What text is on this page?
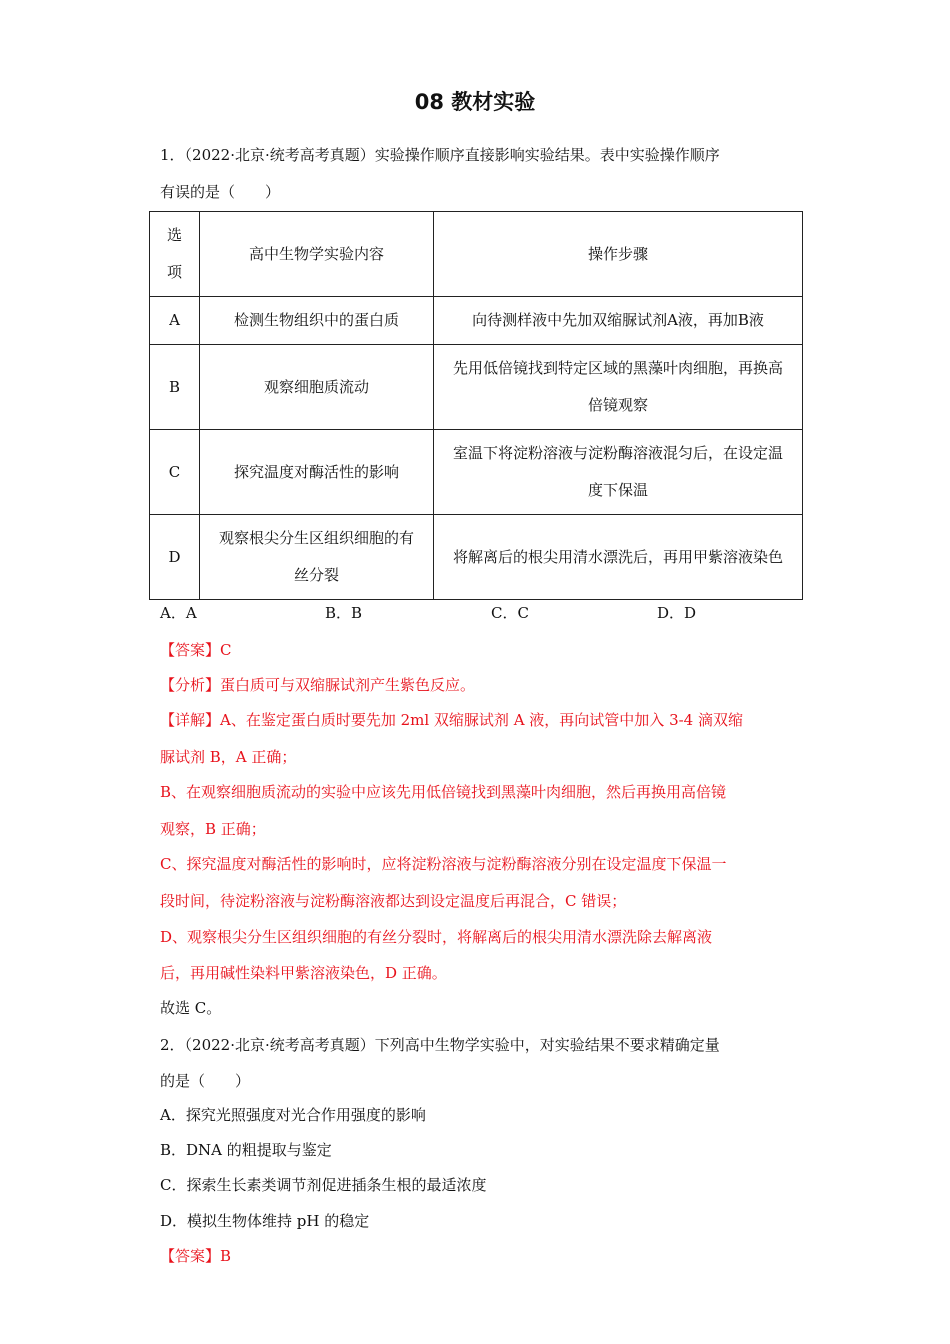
08 教材实验
1．（2022·北京·统考高考真题）实验操作顺序直接影响实验结果。表中实验操作顺序
有误的是（　　）
选
项	高中生物学实验内容	操作步骤
A	检测生物组织中的蛋白质	向待测样液中先加双缩脲试剂A液，再加B液
B	观察细胞质流动	先用低倍镜找到特定区域的黑藻叶肉细胞，再换高倍镜观察
C	探究温度对酶活性的影响	室温下将淀粉溶液与淀粉酶溶液混匀后，在设定温度下保温
D	观察根尖分生区组织细胞的有丝分裂	将解离后的根尖用清水漂洗后，再用甲紫溶液染色
A．A	B．B	C．C	D．D
【答案】C
【分析】蛋白质可与双缩脲试剂产生紫色反应。
【详解】A、在鉴定蛋白质时要先加 2ml 双缩脲试剂 A 液，再向试管中加入 3-4 滴双缩
脲试剂 B，A 正确；
B、在观察细胞质流动的实验中应该先用低倍镜找到黑藻叶肉细胞，然后再换用高倍镜
观察，B 正确；
C、探究温度对酶活性的影响时，应将淀粉溶液与淀粉酶溶液分别在设定温度下保温一
段时间，待淀粉溶液与淀粉酶溶液都达到设定温度后再混合，C 错误；
D、观察根尖分生区组织细胞的有丝分裂时，将解离后的根尖用清水漂洗除去解离液
后，再用碱性染料甲紫溶液染色，D 正确。
故选 C。
2．（2022·北京·统考高考真题）下列高中生物学实验中，对实验结果不要求精确定量
的是（　　）
A．探究光照强度对光合作用强度的影响
B．DNA 的粗提取与鉴定
C．探索生长素类调节剂促进插条生根的最适浓度
D．模拟生物体维持 pH 的稳定
【答案】B
